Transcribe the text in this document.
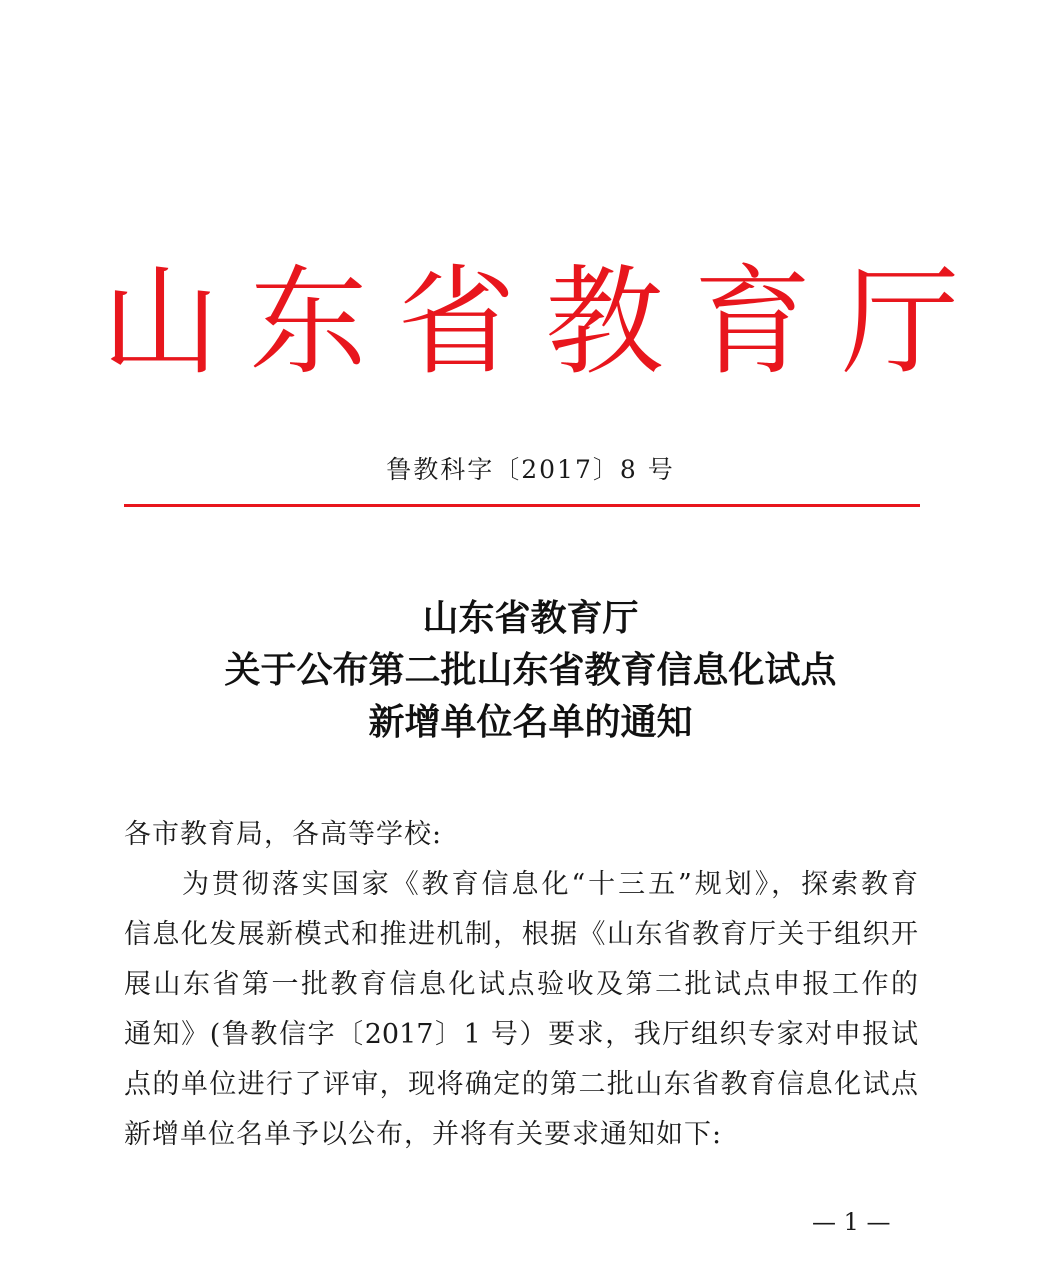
山东省教育厅
鲁教科字〔2017〕8 号
山东省教育厅
关于公布第二批山东省教育信息化试点
新增单位名单的通知
各市教育局，各高等学校:
为贯彻落实国家《教育信息化“十三五”规划》，探索教育
信息化发展新模式和推进机制，根据《山东省教育厅关于组织开
展山东省第一批教育信息化试点验收及第二批试点申报工作的
通知》(鲁教信字〔2017〕1 号）要求，我厅组织专家对申报试
点的单位进行了评审，现将确定的第二批山东省教育信息化试点
新增单位名单予以公布，并将有关要求通知如下:
— 1 —
